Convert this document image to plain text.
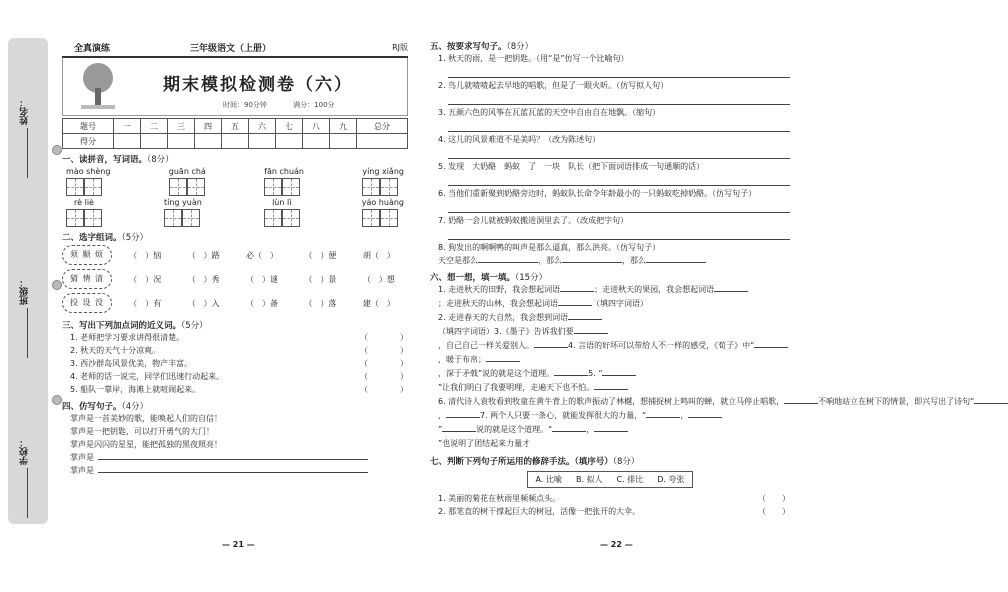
姓名：
班级：
学校：
全真演练	三年级语文（上册）	RJ版
期末模拟检测卷（六）
时间：90分钟	满分：100分
题号	一	二	三	四	五	六	七	八	九	总分
得分										
一、读拼音，写词语。（8分）
mào shèng	guān chá	fān chuán	yíng xiǎng
rè liè	tíng yuàn	lùn lì	yáo huàng
二、选字组词。（5分）
须 顺 烦	（　）恼	（　）路	必（　）	（　）便	胡（　）
猜 情 清	（　）况	（　）秀	（　）谜	（　）景	（　）想
投 设 没	（　）有	（　）入	（　）备	（　）落	建（　）
三、写出下列加点词的近义词。（5分）
1. 老师把学习要求讲得很清楚。	（　　　　）
2. 秋天的天气十分凉爽。	（　　　　）
3. 西沙群岛风景优美，物产丰富。	（　　　　）
4. 老师的话一说完，同学们迅速行动起来。	（　　　　）
5. 船队一靠岸，海滩上就喧闹起来。	（　　　　）
四、仿写句子。（4分）
掌声是一首美妙的歌，能唤起人们的自信！
掌声是一把钥匙，可以打开勇气的大门！
掌声是闪闪的星星，能把孤独的黑夜照亮！
掌声是
掌声是
— 21 —
五、按要求写句子。（8分）
1. 秋天的雨，是一把钥匙。（用“是”仿写一个比喻句）
2. 鸟儿就喳喳起去早地的唱歌，但是了一眼火昕。（仿写拟人句）
3. 五颜六色的风筝在瓦蓝瓦蓝的天空中自由自在地飘。（缩句）
4. 这儿的风景难道不是美吗？（改为陈述句）
5. 发现　大奶酪　蚂蚁　了　一块　队长（把下面词语排成一句通顺的话）
6. 当他们重新聚到奶酪旁边时，蚂蚁队长命令年龄最小的一只蚂蚁吃掉奶酪。（仿写句子）
7. 奶酪一会儿就被蚂蚁搬进洞里去了。（改成把字句）
8. 狗发出的啊啊鸭的叫声是那么逼真，那么洪亮。（仿写句子）
天空是那么	，那么	，那么
六、想一想，填一填。（15分）
1. 走进秋天的田野，我会想起词语	；走进秋天的果园，我会想起词语
；走进秋天的山林，我会想起词语	（填四字词语）
2. 走进春天的大自然，我会想到词语
（填四字词语）3.《墨子》告诉我们要
，自己自己一样关爱别人。	4. 言语的好坏可以带给人不一样的感受，《荀子》中“
，暖于布帛；
，深于矛戟”说的就是这个道理。	5. “
”让我们明白了我要明理，走遍天下也不怕。
6. 清代诗人袁牧看到牧童在黄牛背上的歌声振动了林樾，想捕捉树上鸣叫的蝉，就立马停止唱歌，	不响地站立在树下的情景，即兴写出了诗句“
，	7. 两个人只要一条心，就能发挥很大的力量，“	，
”	说的就是这个道理。“	，
”也说明了团结起来力量才
七、判断下列句子所运用的修辞手法。（填序号）（8分）
A. 比喻 B. 拟人 C. 排比 D. 夸张
1. 美丽的菊花在秋雨里频频点头。	（　　）
2. 那笔直的树干撑起巨大的树冠，活像一把张开的大伞。	（　　）
— 22 —
